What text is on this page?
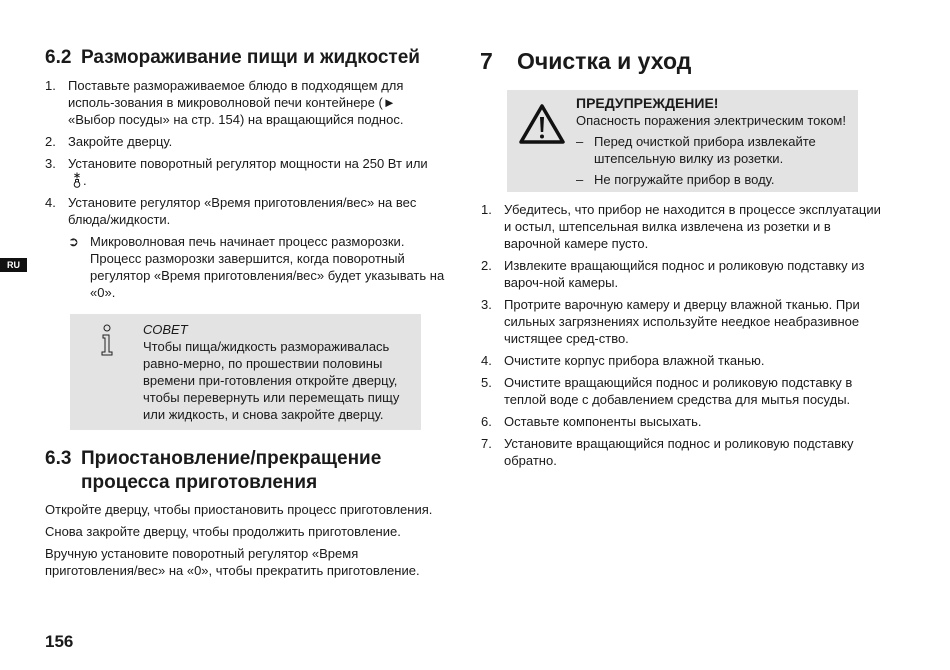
RU
6.2 Размораживание пищи и жидкостей
1. Поставьте размораживаемое блюдо в подходящем для исполь-зования в микроволновой печи контейнере (► «Выбор посуды» на стр. 154) на вращающийся поднос.
2. Закройте дверцу.
3. Установите поворотный регулятор мощности на 250 Вт или .
4. Установите регулятор «Время приготовления/вес» на вес блюда/жидкости.
➲ Микроволновая печь начинает процесс разморозки. Процесс разморозки завершится, когда поворотный регулятор «Время приготовления/вес» будет указывать на «0».
СОВЕТ
Чтобы пища/жидкость размораживалась равно-мерно, по прошествии половины времени при-готовления откройте дверцу, чтобы перевернуть или перемещать пищу или жидкость, и снова закройте дверцу.
6.3 Приостановление/прекращение процесса приготовления

Откройте дверцу, чтобы приостановить процесс приготовления.

Снова закройте дверцу, чтобы продолжить приготовление.

Вручную установите поворотный регулятор «Время приготовления/вес» на «0», чтобы прекратить приготовление.

7	Очистка и уход
ПРЕДУПРЕЖДЕНИЕ!
Опасность поражения электрическим током!
– Перед очисткой прибора извлекайте штепсельную вилку из розетки.
– Не погружайте прибор в воду.
1. Убедитесь, что прибор не находится в процессе эксплуатации и остыл, штепсельная вилка извлечена из розетки и в варочной камере пусто.
2. Извлеките вращающийся поднос и роликовую подставку из вароч-ной камеры.
3. Протрите варочную камеру и дверцу влажной тканью. При сильных загрязнениях используйте неедкое неабразивное чистящее сред-ство.
4. Очистите корпус прибора влажной тканью.
5. Очистите вращающийся поднос и роликовую подставку в теплой воде с добавлением средства для мытья посуды.
6. Оставьте компоненты высыхать.
7. Установите вращающийся поднос и роликовую подставку обратно.
156
